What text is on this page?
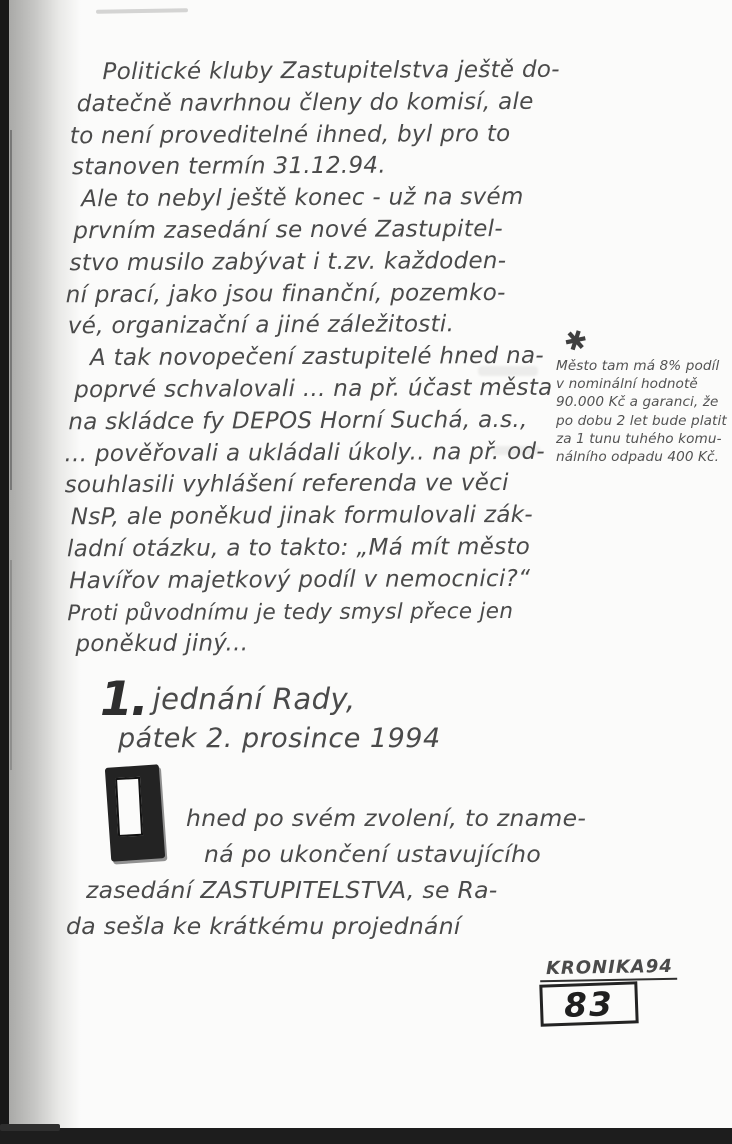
Politické kluby Zastupitelstva ještě do-
datečně navrhnou členy do komisí, ale
to není proveditelné ihned, byl pro to
stanoven termín 31.12.94.
Ale to nebyl ještě konec - už na svém
prvním zasedání se nové Zastupitel-
stvo musilo zabývat i t.zv. každoden-
ní prací, jako jsou finanční, pozemko-
vé, organizační a jiné záležitosti.
A tak novopečení zastupitelé hned na-
poprvé schvalovali ... na př. účast města
na skládce fy DEPOS Horní Suchá, a.s.,
... pověřovali a ukládali úkoly.. na př. od-
souhlasili vyhlášení referenda ve věci
NsP, ale poněkud jinak formulovali zák-
ladní otázku, a to takto: „Má mít město
Havířov majetkový podíl v nemocnici?“
Proti původnímu je tedy smysl přece jen
poněkud jiný...
✱
Město tam má 8% podíl
v nominální hodnotě
90.000 Kč a garanci, že
po dobu 2 let bude platit
za 1 tunu tuhého komu-
nálního odpadu 400 Kč.
1. jednání Rady,
pátek 2. prosince 1994
hned po svém zvolení, to zname-
ná po ukončení ustavujícího
zasedání ZASTUPITELSTVA, se Ra-
da sešla ke krátkému projednání
KRONIKA94
83
